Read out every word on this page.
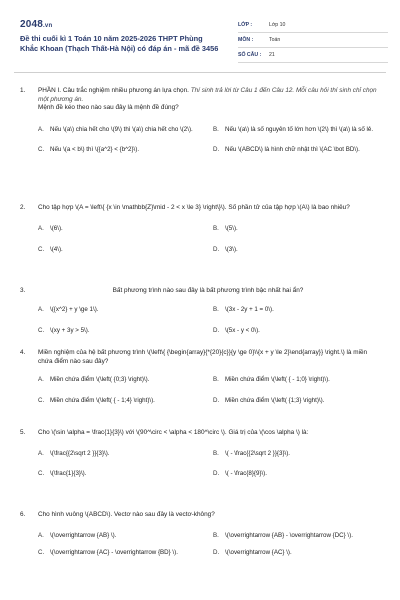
2048.vn
Đề thi cuối kì 1 Toán 10 năm 2025-2026 THPT Phùng Khắc Khoan (Thạch Thất-Hà Nội) có đáp án - mã đề 3456
LỚP :	Lớp 10
MÔN :	Toán
SỐ CÂU :	21
1.	PHẦN I. Câu trắc nghiệm nhiều phương án lựa chọn. Thí sinh trả lời từ Câu 1 đến Câu 12. Mỗi câu hỏi thí sinh chỉ chọn một phương án.
Mệnh đề kéo theo nào sau đây là mệnh đề đúng?
A. Nếu \(a\) chia hết cho \(9\) thì \(a\) chia hết cho \(2\).	B. Nếu \(a\) là số nguyên tố lớn hơn \(2\) thì \(a\) là số lẻ.
C. Nếu \(a < b\) thì \({a^2} < {b^2}\).	D. Nếu \(ABCD\) là hình chữ nhật thì \(AC \bot BD\).
2.	Cho tập hợp \(A = \left\{ {x \in \mathbb{Z}\mid - 2 < x \le 3} \right\}\). Số phần tử của tập hợp \(A\) là bao nhiêu?
A. \(6\).	B. \(5\).
C. \(4\).	D. \(3\).
3.	Bất phương trình nào sau đây là bất phương trình bậc nhất hai ẩn?
A. \({x^2} + y \ge 1\).	B. \(3x - 2y + 1 = 0\).
C. \(xy + 3y > 5\).	D. \(5x - y < 0\).
4.	Miền nghiệm của hệ bất phương trình \(\left\{ {\begin{array}{*{20}{c}}{y \ge 0}\\{x + y \le 2}\end{array}} \right.\) là miền chứa điểm nào sau đây?
A. Miền chứa điểm \(\left( {0;3} \right)\).	B. Miền chứa điểm \(\left( { - 1;0} \right)\).
C. Miền chứa điểm \(\left( { - 1;4} \right)\).	D. Miền chứa điểm \(\left( {1;3} \right)\).
5.	Cho \(\sin \alpha = \frac{1}{3}\) với \(90^\circ < \alpha < 180^\circ \). Giá trị của \(\cos \alpha \) là:
A. \(\frac{{2\sqrt 2 }}{3}\).	B. \( - \frac{{2\sqrt 2 }}{3}\).
C. \(\frac{1}{3}\).	D. \( - \frac{8}{9}\).
6.	Cho hình vuông \(ABCD\). Vectơ nào sau đây là vectơ-không?
A. \(\overrightarrow {AB} \).	B. \(\overrightarrow {AB} - \overrightarrow {DC} \).
C. \(\overrightarrow {AC} - \overrightarrow {BD} \).	D. \(\overrightarrow {AC} \).
